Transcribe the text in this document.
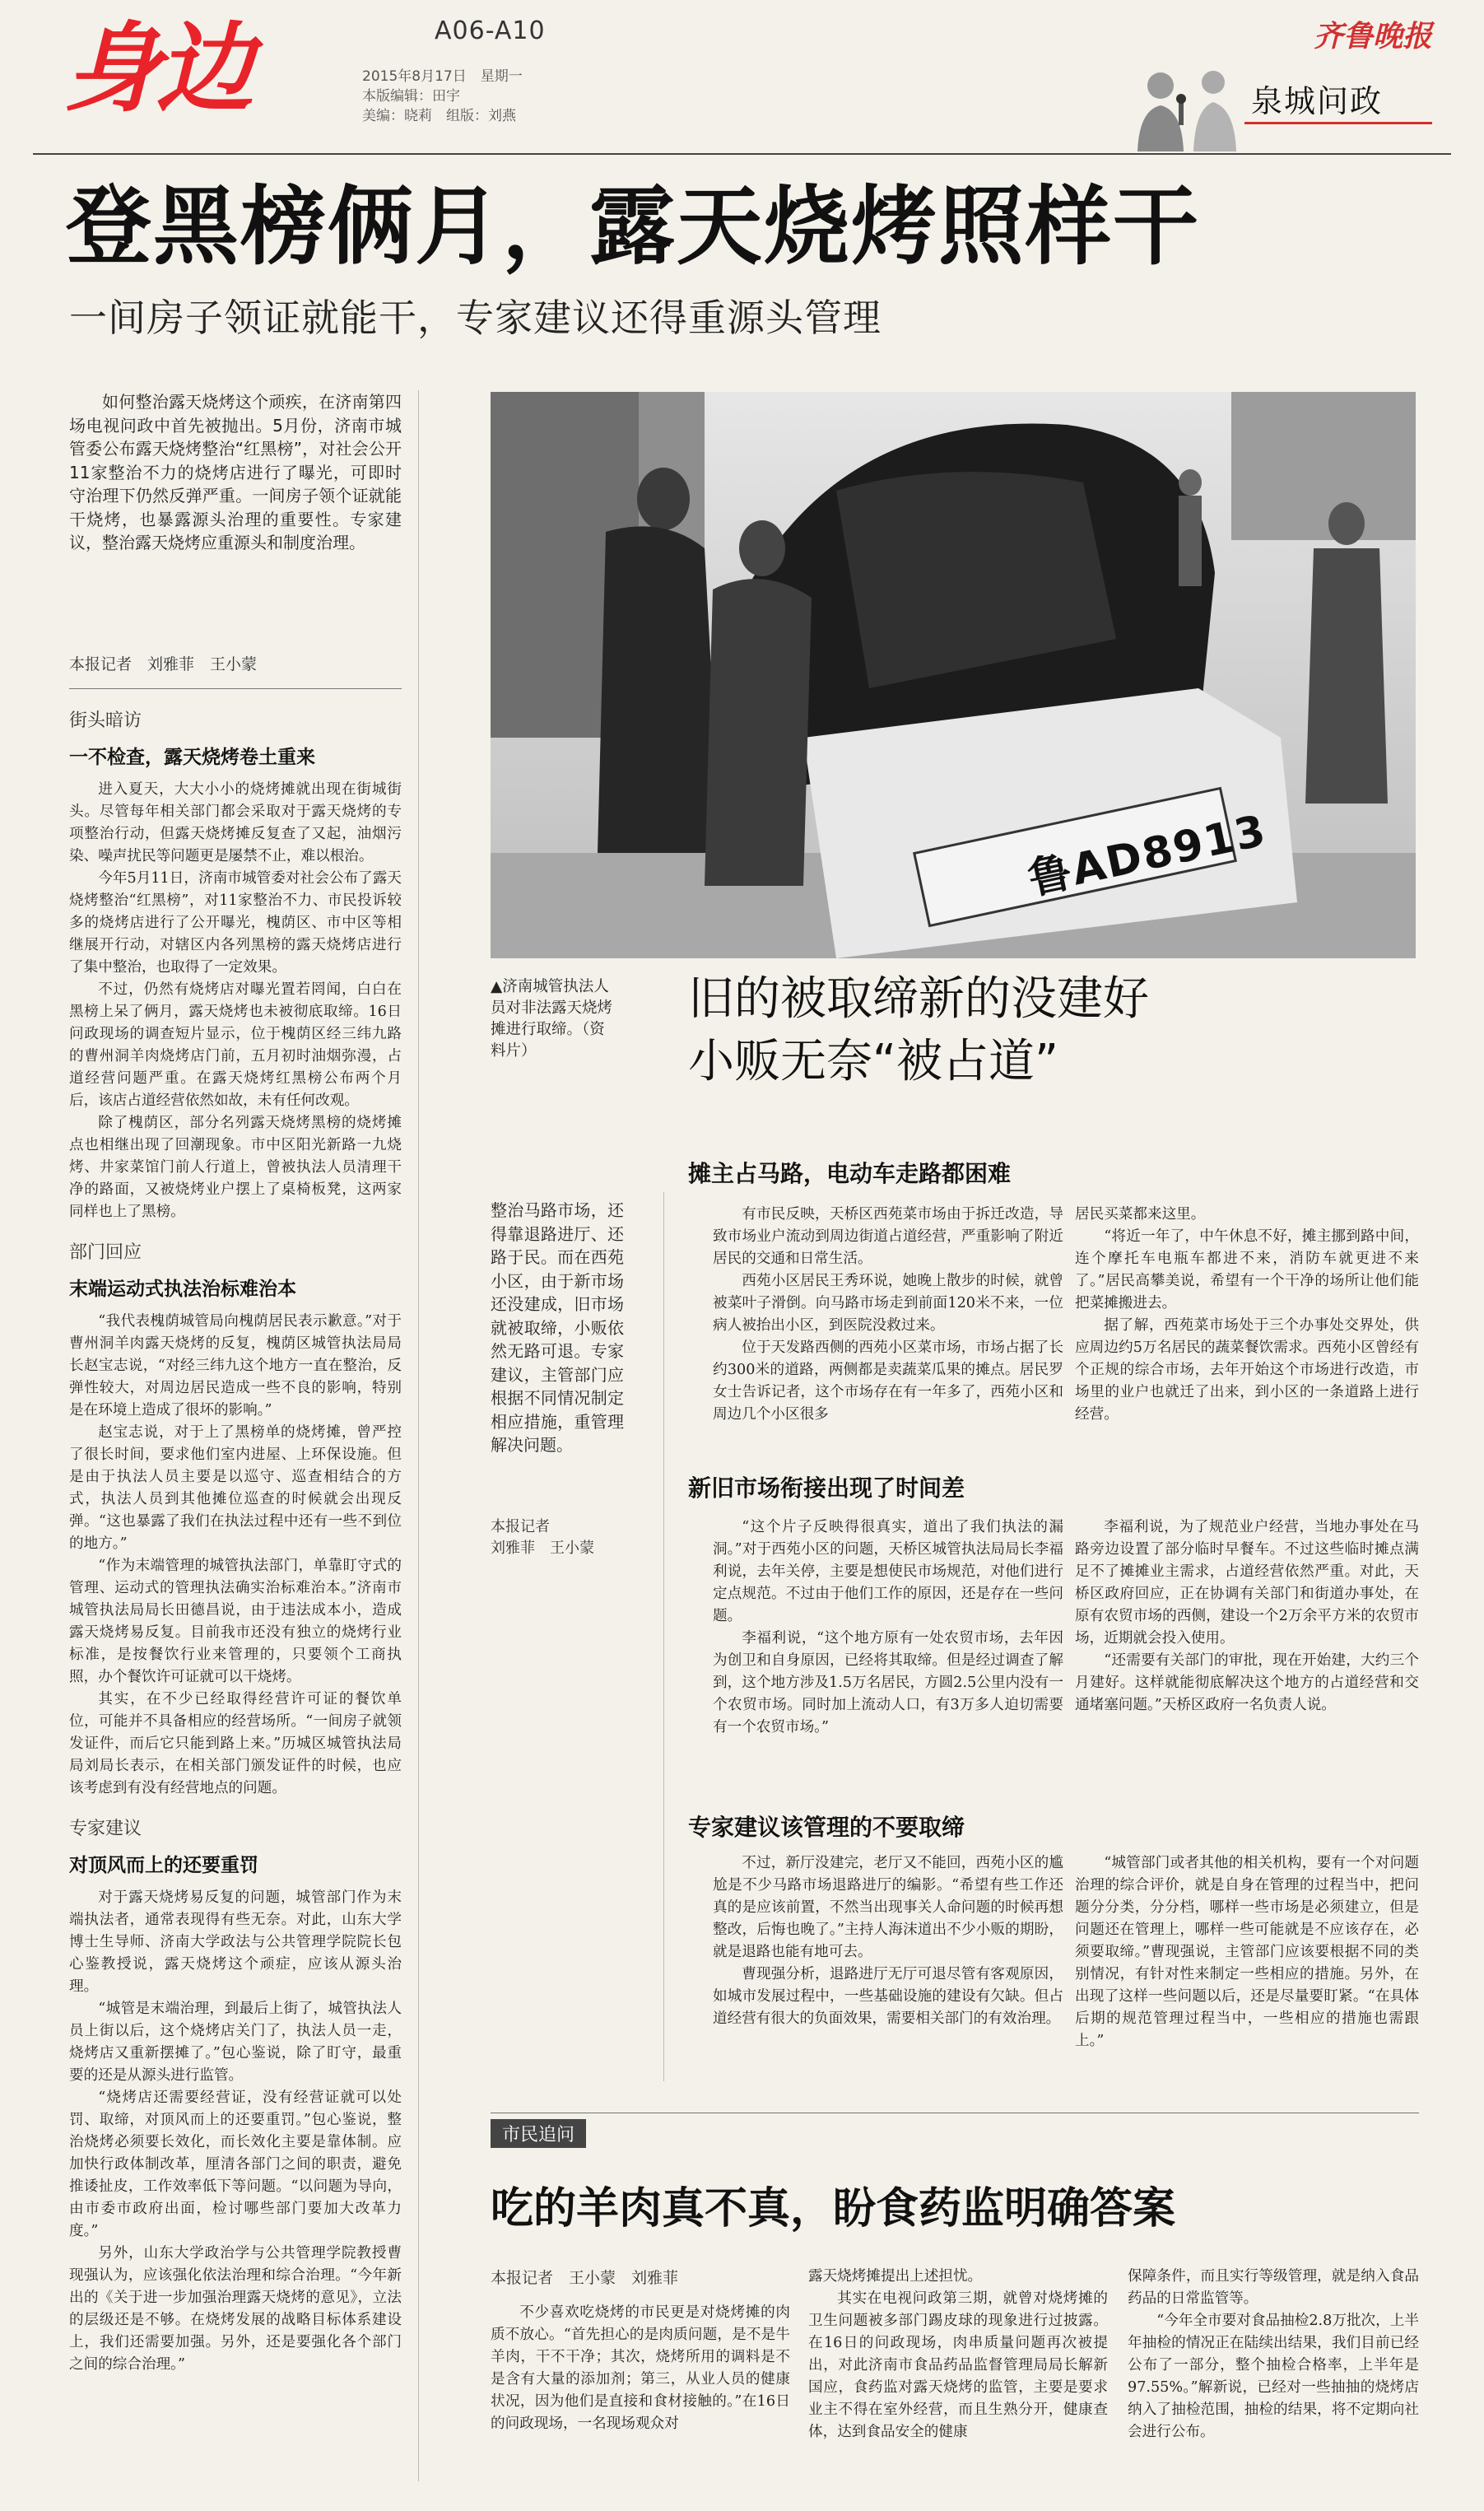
身边	A06-A10
2015年8月17日　星期一
本版编辑：田宇
美编：晓莉　组版：刘燕
齐鲁晚报
泉城问政
登黑榜俩月，露天烧烤照样干
一间房子领证就能干，专家建议还得重源头管理

如何整治露天烧烤这个顽疾，在济南第四场电视问政中首先被抛出。5月份，济南市城管委公布露天烧烤整治“红黑榜”，对社会公开11家整治不力的烧烤店进行了曝光，可即时守治理下仍然反弹严重。一间房子领个证就能干烧烤，也暴露源头治理的重要性。专家建议，整治露天烧烤应重源头和制度治理。

本报记者　刘雅菲　王小蒙
街头暗访
一不检查，露天烧烤卷土重来

进入夏天，大大小小的烧烤摊就出现在街城街头。尽管每年相关部门都会采取对于露天烧烤的专项整治行动，但露天烧烤摊反复查了又起，油烟污染、噪声扰民等问题更是屡禁不止，难以根治。

今年5月11日，济南市城管委对社会公布了露天烧烤整治“红黑榜”，对11家整治不力、市民投诉较多的烧烤店进行了公开曝光，槐荫区、市中区等相继展开行动，对辖区内各列黑榜的露天烧烤店进行了集中整治，也取得了一定效果。

不过，仍然有烧烤店对曝光置若罔闻，白白在黑榜上呆了俩月，露天烧烤也未被彻底取缔。16日问政现场的调查短片显示，位于槐荫区经三纬九路的曹州洞羊肉烧烤店门前，五月初时油烟弥漫，占道经营问题严重。在露天烧烤红黑榜公布两个月后，该店占道经营依然如故，未有任何改观。

除了槐荫区，部分名列露天烧烤黑榜的烧烤摊点也相继出现了回潮现象。市中区阳光新路一九烧烤、井家菜馆门前人行道上，曾被执法人员清理干净的路面，又被烧烤业户摆上了桌椅板凳，这两家同样也上了黑榜。

部门回应
末端运动式执法治标难治本

“我代表槐荫城管局向槐荫居民表示歉意。”对于曹州洞羊肉露天烧烤的反复，槐荫区城管执法局局长赵宝志说，“对经三纬九这个地方一直在整治，反弹性较大，对周边居民造成一些不良的影响，特别是在环境上造成了很坏的影响。”

赵宝志说，对于上了黑榜单的烧烤摊，曾严控了很长时间，要求他们室内进屋、上环保设施。但是由于执法人员主要是以巡守、巡查相结合的方式，执法人员到其他摊位巡查的时候就会出现反弹。“这也暴露了我们在执法过程中还有一些不到位的地方。”

“作为末端管理的城管执法部门，单靠盯守式的管理、运动式的管理执法确实治标难治本。”济南市城管执法局局长田德昌说，由于违法成本小，造成露天烧烤易反复。目前我市还没有独立的烧烤行业标准，是按餐饮行业来管理的，只要领个工商执照，办个餐饮许可证就可以干烧烤。

其实，在不少已经取得经营许可证的餐饮单位，可能并不具备相应的经营场所。“一间房子就领发证件，而后它只能到路上来。”历城区城管执法局局刘局长表示，在相关部门颁发证件的时候，也应该考虑到有没有经营地点的问题。

专家建议
对顶风而上的还要重罚

对于露天烧烤易反复的问题，城管部门作为末端执法者，通常表现得有些无奈。对此，山东大学博士生导师、济南大学政法与公共管理学院院长包心鉴教授说，露天烧烤这个顽症，应该从源头治理。

“城管是末端治理，到最后上街了，城管执法人员上街以后，这个烧烤店关门了，执法人员一走，烧烤店又重新摆摊了。”包心鉴说，除了盯守，最重要的还是从源头进行监管。

“烧烤店还需要经营证，没有经营证就可以处罚、取缔，对顶风而上的还要重罚。”包心鉴说，整治烧烤必须要长效化，而长效化主要是靠体制。应加快行政体制改革，厘清各部门之间的职责，避免推诿扯皮，工作效率低下等问题。“以问题为导向，由市委市政府出面，检讨哪些部门要加大改革力度。”

另外，山东大学政治学与公共管理学院教授曹现强认为，应该强化依法治理和综合治理。“今年新出的《关于进一步加强治理露天烧烤的意见》，立法的层级还是不够。在烧烤发展的战略目标体系建设上，我们还需要加强。另外，还是要强化各个部门之间的综合治理。”

鲁AD8913
▲济南城管执法人员对非法露天烧烤摊进行取缔。（资料片）
旧的被取缔新的没建好
小贩无奈“被占道”
整治马路市场，还得靠退路进厅、还路于民。而在西苑小区，由于新市场还没建成，旧市场就被取缔，小贩依然无路可退。专家建议，主管部门应根据不同情况制定相应措施，重管理解决问题。
本报记者
刘雅菲　王小蒙
摊主占马路，电动车走路都困难

有市民反映，天桥区西苑菜市场由于拆迁改造，导致市场业户流动到周边街道占道经营，严重影响了附近居民的交通和日常生活。

西苑小区居民王秀环说，她晚上散步的时候，就曾被菜叶子滑倒。向马路市场走到前面120米不来，一位病人被抬出小区，到医院没救过来。

位于天发路西侧的西苑小区菜市场，市场占据了长约300米的道路，两侧都是卖蔬菜瓜果的摊点。居民罗女士告诉记者，这个市场存在有一年多了，西苑小区和周边几个小区很多

居民买菜都来这里。

“将近一年了，中午休息不好，摊主挪到路中间，连个摩托车电瓶车都进不来，消防车就更进不来了。”居民高攀美说，希望有一个干净的场所让他们能把菜摊搬进去。

据了解，西苑菜市场处于三个办事处交界处，供应周边约5万名居民的蔬菜餐饮需求。西苑小区曾经有个正规的综合市场，去年开始这个市场进行改造，市场里的业户也就迁了出来，到小区的一条道路上进行经营。

新旧市场衔接出现了时间差

“这个片子反映得很真实，道出了我们执法的漏洞。”对于西苑小区的问题，天桥区城管执法局局长李福利说，去年关停，主要是想使民市场规范，对他们进行定点规范。不过由于他们工作的原因，还是存在一些问题。

李福利说，“这个地方原有一处农贸市场，去年因为创卫和自身原因，已经将其取缔。但是经过调查了解到，这个地方涉及1.5万名居民，方圆2.5公里内没有一个农贸市场。同时加上流动人口，有3万多人迫切需要有一个农贸市场。”

李福利说，为了规范业户经营，当地办事处在马路旁边设置了部分临时早餐车。不过这些临时摊点满足不了摊摊业主需求，占道经营依然严重。对此，天桥区政府回应，正在协调有关部门和街道办事处，在原有农贸市场的西侧，建设一个2万余平方米的农贸市场，近期就会投入使用。

“还需要有关部门的审批，现在开始建，大约三个月建好。这样就能彻底解决这个地方的占道经营和交通堵塞问题。”天桥区政府一名负责人说。

专家建议该管理的不要取缔

不过，新厅没建完，老厅又不能回，西苑小区的尴尬是不少马路市场退路进厅的编影。“希望有些工作还真的是应该前置，不然当出现事关人命问题的时候再想整改，后悔也晚了。”主持人海沫道出不少小贩的期盼，就是退路也能有地可去。

曹现强分析，退路进厅无厅可退尽管有客观原因，如城市发展过程中，一些基础设施的建设有欠缺。但占道经营有很大的负面效果，需要相关部门的有效治理。

“城管部门或者其他的相关机构，要有一个对问题治理的综合评价，就是自身在管理的过程当中，把问题分分类，分分档，哪样一些市场是必须建立，但是问题还在管理上，哪样一些可能就是不应该存在，必须要取缔。”曹现强说，主管部门应该要根据不同的类别情况，有针对性来制定一些相应的措施。另外，在出现了这样一些问题以后，还是尽量要盯紧。“在具体后期的规范管理过程当中，一些相应的措施也需跟上。”

市民追问
吃的羊肉真不真，盼食药监明确答案
本报记者　王小蒙　刘雅菲

不少喜欢吃烧烤的市民更是对烧烤摊的肉质不放心。“首先担心的是肉质问题，是不是牛羊肉，干不干净；其次，烧烤所用的调料是不是含有大量的添加剂；第三，从业人员的健康状况，因为他们是直接和食材接触的。”在16日的问政现场，一名现场观众对

露天烧烤摊提出上述担忧。

其实在电视问政第三期，就曾对烧烤摊的卫生问题被多部门踢皮球的现象进行过披露。在16日的问政现场，肉串质量问题再次被提出，对此济南市食品药品监督管理局局长解新国应，食药监对露天烧烤的监管，主要是要求业主不得在室外经营，而且生熟分开，健康查体，达到食品安全的健康

保障条件，而且实行等级管理，就是纳入食品药品的日常监管等。

“今年全市要对食品抽检2.8万批次，上半年抽检的情况正在陆续出结果，我们目前已经公布了一部分，整个抽检合格率，上半年是97.55%。”解新说，已经对一些抽抽的烧烤店纳入了抽检范围，抽检的结果，将不定期向社会进行公布。
